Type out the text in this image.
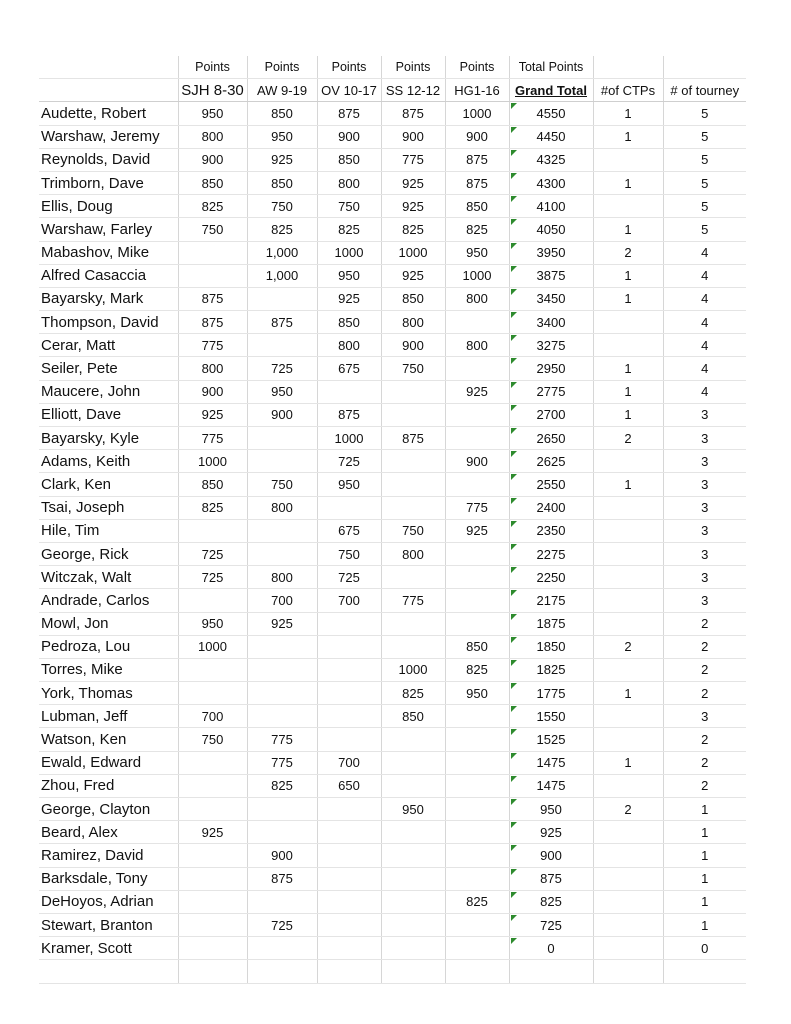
	Points	Points	Points	Points	Points	Total Points		
	SJH 8-30	AW 9-19	OV 10-17	SS 12-12	HG1-16	Grand Total	#of CTPs	# of tourney
Audette, Robert	950	850	875	875	1000	4550	1	5
Warshaw, Jeremy	800	950	900	900	900	4450	1	5
Reynolds, David	900	925	850	775	875	4325		5
Trimborn, Dave	850	850	800	925	875	4300	1	5
Ellis, Doug	825	750	750	925	850	4100		5
Warshaw, Farley	750	825	825	825	825	4050	1	5
Mabashov, Mike		1,000	1000	1000	950	3950	2	4
Alfred Casaccia		1,000	950	925	1000	3875	1	4
Bayarsky, Mark	875		925	850	800	3450	1	4
Thompson, David	875	875	850	800		3400		4
Cerar, Matt	775		800	900	800	3275		4
Seiler, Pete	800	725	675	750		2950	1	4
Maucere, John	900	950			925	2775	1	4
Elliott, Dave	925	900	875			2700	1	3
Bayarsky, Kyle	775		1000	875		2650	2	3
Adams, Keith	1000		725		900	2625		3
Clark, Ken	850	750	950			2550	1	3
Tsai, Joseph	825	800			775	2400		3
Hile, Tim			675	750	925	2350		3
George, Rick	725		750	800		2275		3
Witczak, Walt	725	800	725			2250		3
Andrade, Carlos		700	700	775		2175		3
Mowl, Jon	950	925				1875		2
Pedroza, Lou	1000				850	1850	2	2
Torres, Mike				1000	825	1825		2
York, Thomas				825	950	1775	1	2
Lubman, Jeff	700			850		1550		3
Watson, Ken	750	775				1525		2
Ewald, Edward		775	700			1475	1	2
Zhou, Fred		825	650			1475		2
George, Clayton				950		950	2	1
Beard, Alex	925					925		1
Ramirez, David		900				900		1
Barksdale, Tony		875				875		1
DeHoyos, Adrian					825	825		1
Stewart, Branton		725				725		1
Kramer, Scott						0		0
